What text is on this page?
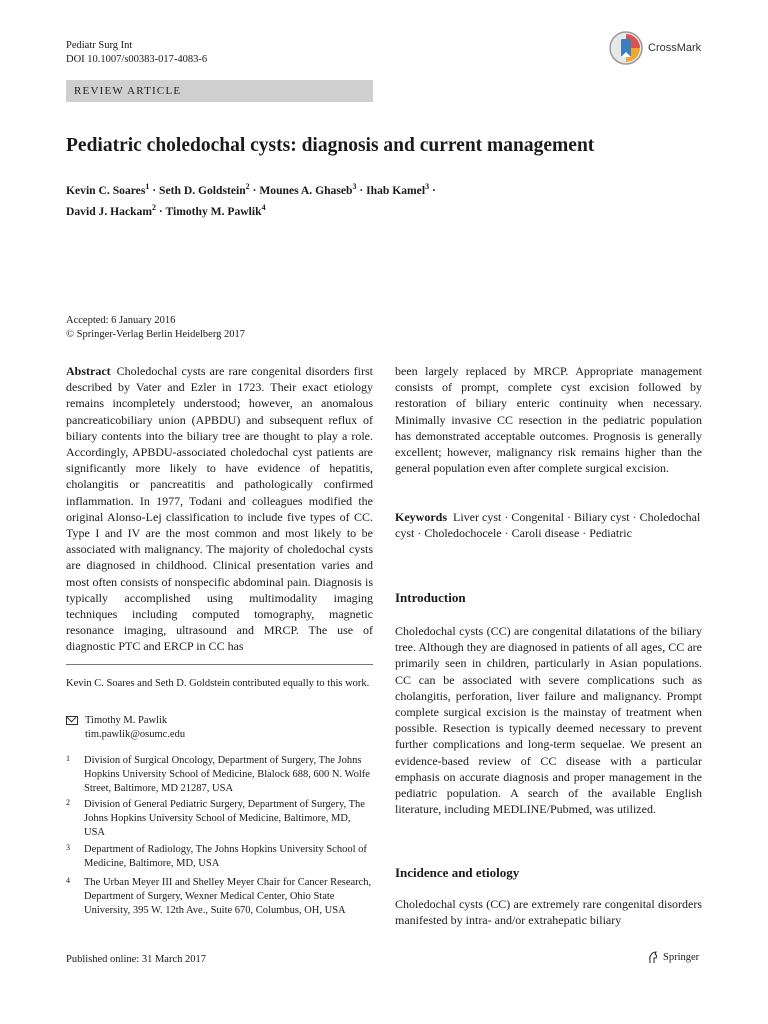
Pediatr Surg Int
DOI 10.1007/s00383-017-4083-6
CrossMark
REVIEW ARTICLE
Pediatric choledochal cysts: diagnosis and current management
Kevin C. Soares$^1$ · Seth D. Goldstein$^2$ · Mounes A. Ghaseb$^3$ · Ihab Kamel$^3$ ·
David J. Hackam$^2$ · Timothy M. Pawlik$^4$
Accepted: 6 January 2016
© Springer-Verlag Berlin Heidelberg 2017
Abstract Choledochal cysts are rare congenital disorders first described by Vater and Ezler in 1723. Their exact etiology remains incompletely understood; however, an anomalous pancreaticobiliary union (APBDU) and subsequent reflux of biliary contents into the biliary tree are thought to play a role. Accordingly, APBDU-associated choledochal cyst patients are significantly more likely to have evidence of hepatitis, cholangitis or pancreatitis and pathologically confirmed inflammation. In 1977, Todani and colleagues modified the original Alonso-Lej classification to include five types of CC. Type I and IV are the most common and most likely to be associated with malignancy. The majority of choledochal cysts are diagnosed in childhood. Clinical presentation varies and most often consists of nonspecific abdominal pain. Diagnosis is typically accomplished using multimodality imaging techniques including computed tomography, magnetic resonance imaging, ultrasound and MRCP. The use of diagnostic PTC and ERCP in CC has
Kevin C. Soares and Seth D. Goldstein contributed equally to this work.
Timothy M. Pawlik
tim.pawlik@osumc.edu
1 Division of Surgical Oncology, Department of Surgery, The Johns Hopkins University School of Medicine, Blalock 688, 600 N. Wolfe Street, Baltimore, MD 21287, USA
2 Division of General Pediatric Surgery, Department of Surgery, The Johns Hopkins University School of Medicine, Baltimore, MD, USA
3 Department of Radiology, The Johns Hopkins University School of Medicine, Baltimore, MD, USA
4 The Urban Meyer III and Shelley Meyer Chair for Cancer Research, Department of Surgery, Wexner Medical Center, Ohio State University, 395 W. 12th Ave., Suite 670, Columbus, OH, USA
been largely replaced by MRCP. Appropriate management consists of prompt, complete cyst excision followed by restoration of biliary enteric continuity when necessary. Minimally invasive CC resection in the pediatric population has demonstrated acceptable outcomes. Prognosis is generally excellent; however, malignancy risk remains higher than the general population even after complete surgical excision.
Keywords Liver cyst · Congenital · Biliary cyst · Choledochal cyst · Choledochocele · Caroli disease · Pediatric
Introduction
Choledochal cysts (CC) are congenital dilatations of the biliary tree. Although they are diagnosed in patients of all ages, CC are primarily seen in children, particularly in Asian populations. CC can be associated with severe complications such as cholangitis, perforation, liver failure and malignancy. Prompt complete surgical excision is the mainstay of treatment when possible. Resection is typically deemed necessary to prevent further complications and long-term sequelae. We present an evidence-based review of CC disease with a particular emphasis on accurate diagnosis and proper management in the pediatric population. A search of the available English literature, including MEDLINE/Pubmed, was utilized.
Incidence and etiology
Choledochal cysts (CC) are extremely rare congenital disorders manifested by intra- and/or extrahepatic biliary
Published online: 31 March 2017	Springer
